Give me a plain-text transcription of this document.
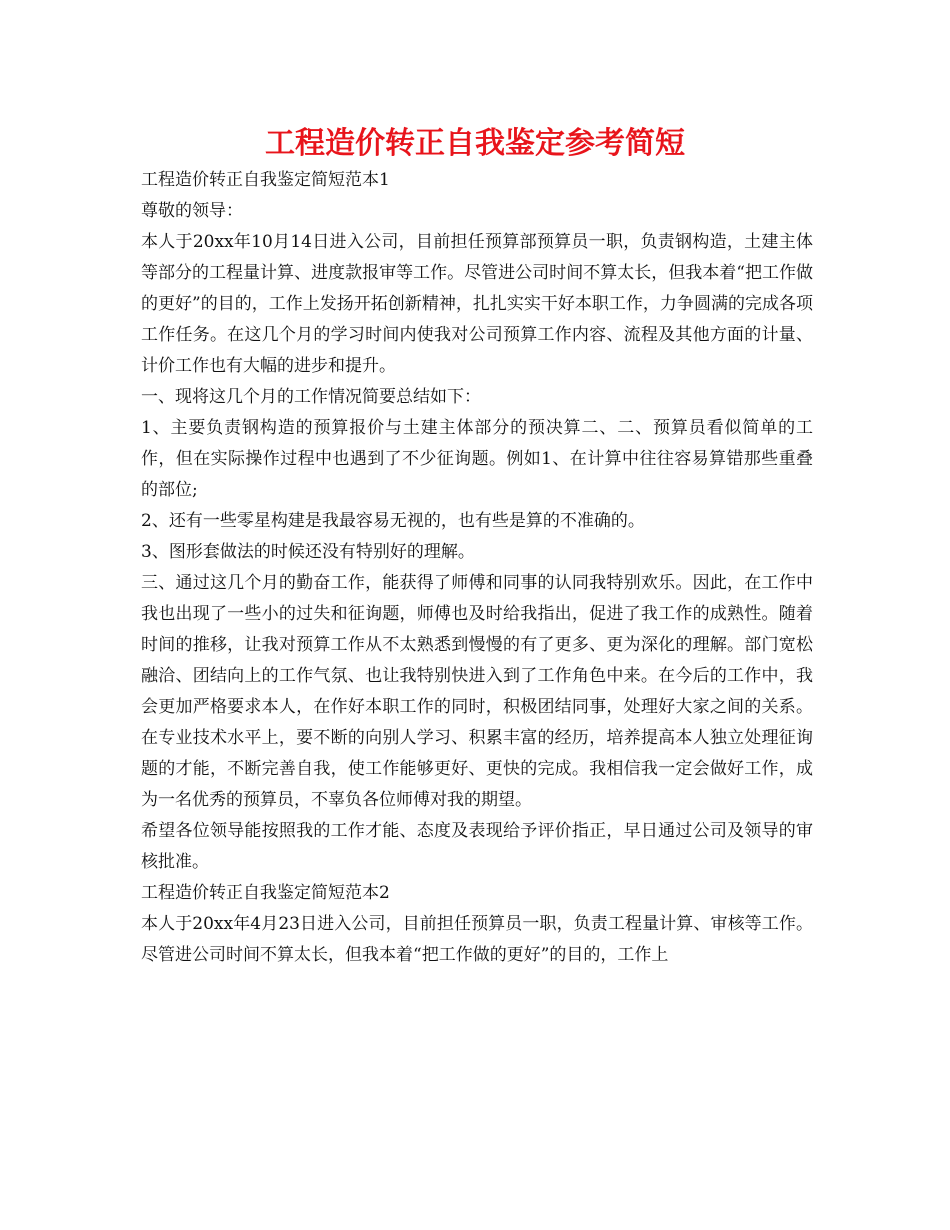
工程造价转正自我鉴定参考简短

工程造价转正自我鉴定简短范本1

尊敬的领导：

本人于20xx年10月14日进入公司，目前担任预算部预算员一职，负责钢构造，土建主体等部分的工程量计算、进度款报审等工作。尽管进公司时间不算太长，但我本着“把工作做的更好”的目的，工作上发扬开拓创新精神，扎扎实实干好本职工作，力争圆满的完成各项工作任务。在这几个月的学习时间内使我对公司预算工作内容、流程及其他方面的计量、计价工作也有大幅的进步和提升。

一、现将这几个月的工作情况简要总结如下：

1、主要负责钢构造的预算报价与土建主体部分的预决算二、二、预算员看似简单的工作，但在实际操作过程中也遇到了不少征询题。例如1、在计算中往往容易算错那些重叠的部位;

2、还有一些零星构建是我最容易无视的，也有些是算的不准确的。

3、图形套做法的时候还没有特别好的理解。

三、通过这几个月的勤奋工作，能获得了师傅和同事的认同我特别欢乐。因此，在工作中我也出现了一些小的过失和征询题，师傅也及时给我指出，促进了我工作的成熟性。随着时间的推移，让我对预算工作从不太熟悉到慢慢的有了更多、更为深化的理解。部门宽松融洽、团结向上的工作气氛、也让我特别快进入到了工作角色中来。在今后的工作中，我会更加严格要求本人，在作好本职工作的同时，积极团结同事，处理好大家之间的关系。在专业技术水平上，要不断的向别人学习、积累丰富的经历，培养提高本人独立处理征询题的才能，不断完善自我，使工作能够更好、更快的完成。我相信我一定会做好工作，成为一名优秀的预算员，不辜负各位师傅对我的期望。

希望各位领导能按照我的工作才能、态度及表现给予评价指正，早日通过公司及领导的审核批准。

工程造价转正自我鉴定简短范本2

本人于20xx年4月23日进入公司，目前担任预算员一职，负责工程量计算、审核等工作。尽管进公司时间不算太长，但我本着“把工作做的更好”的目的，工作上
